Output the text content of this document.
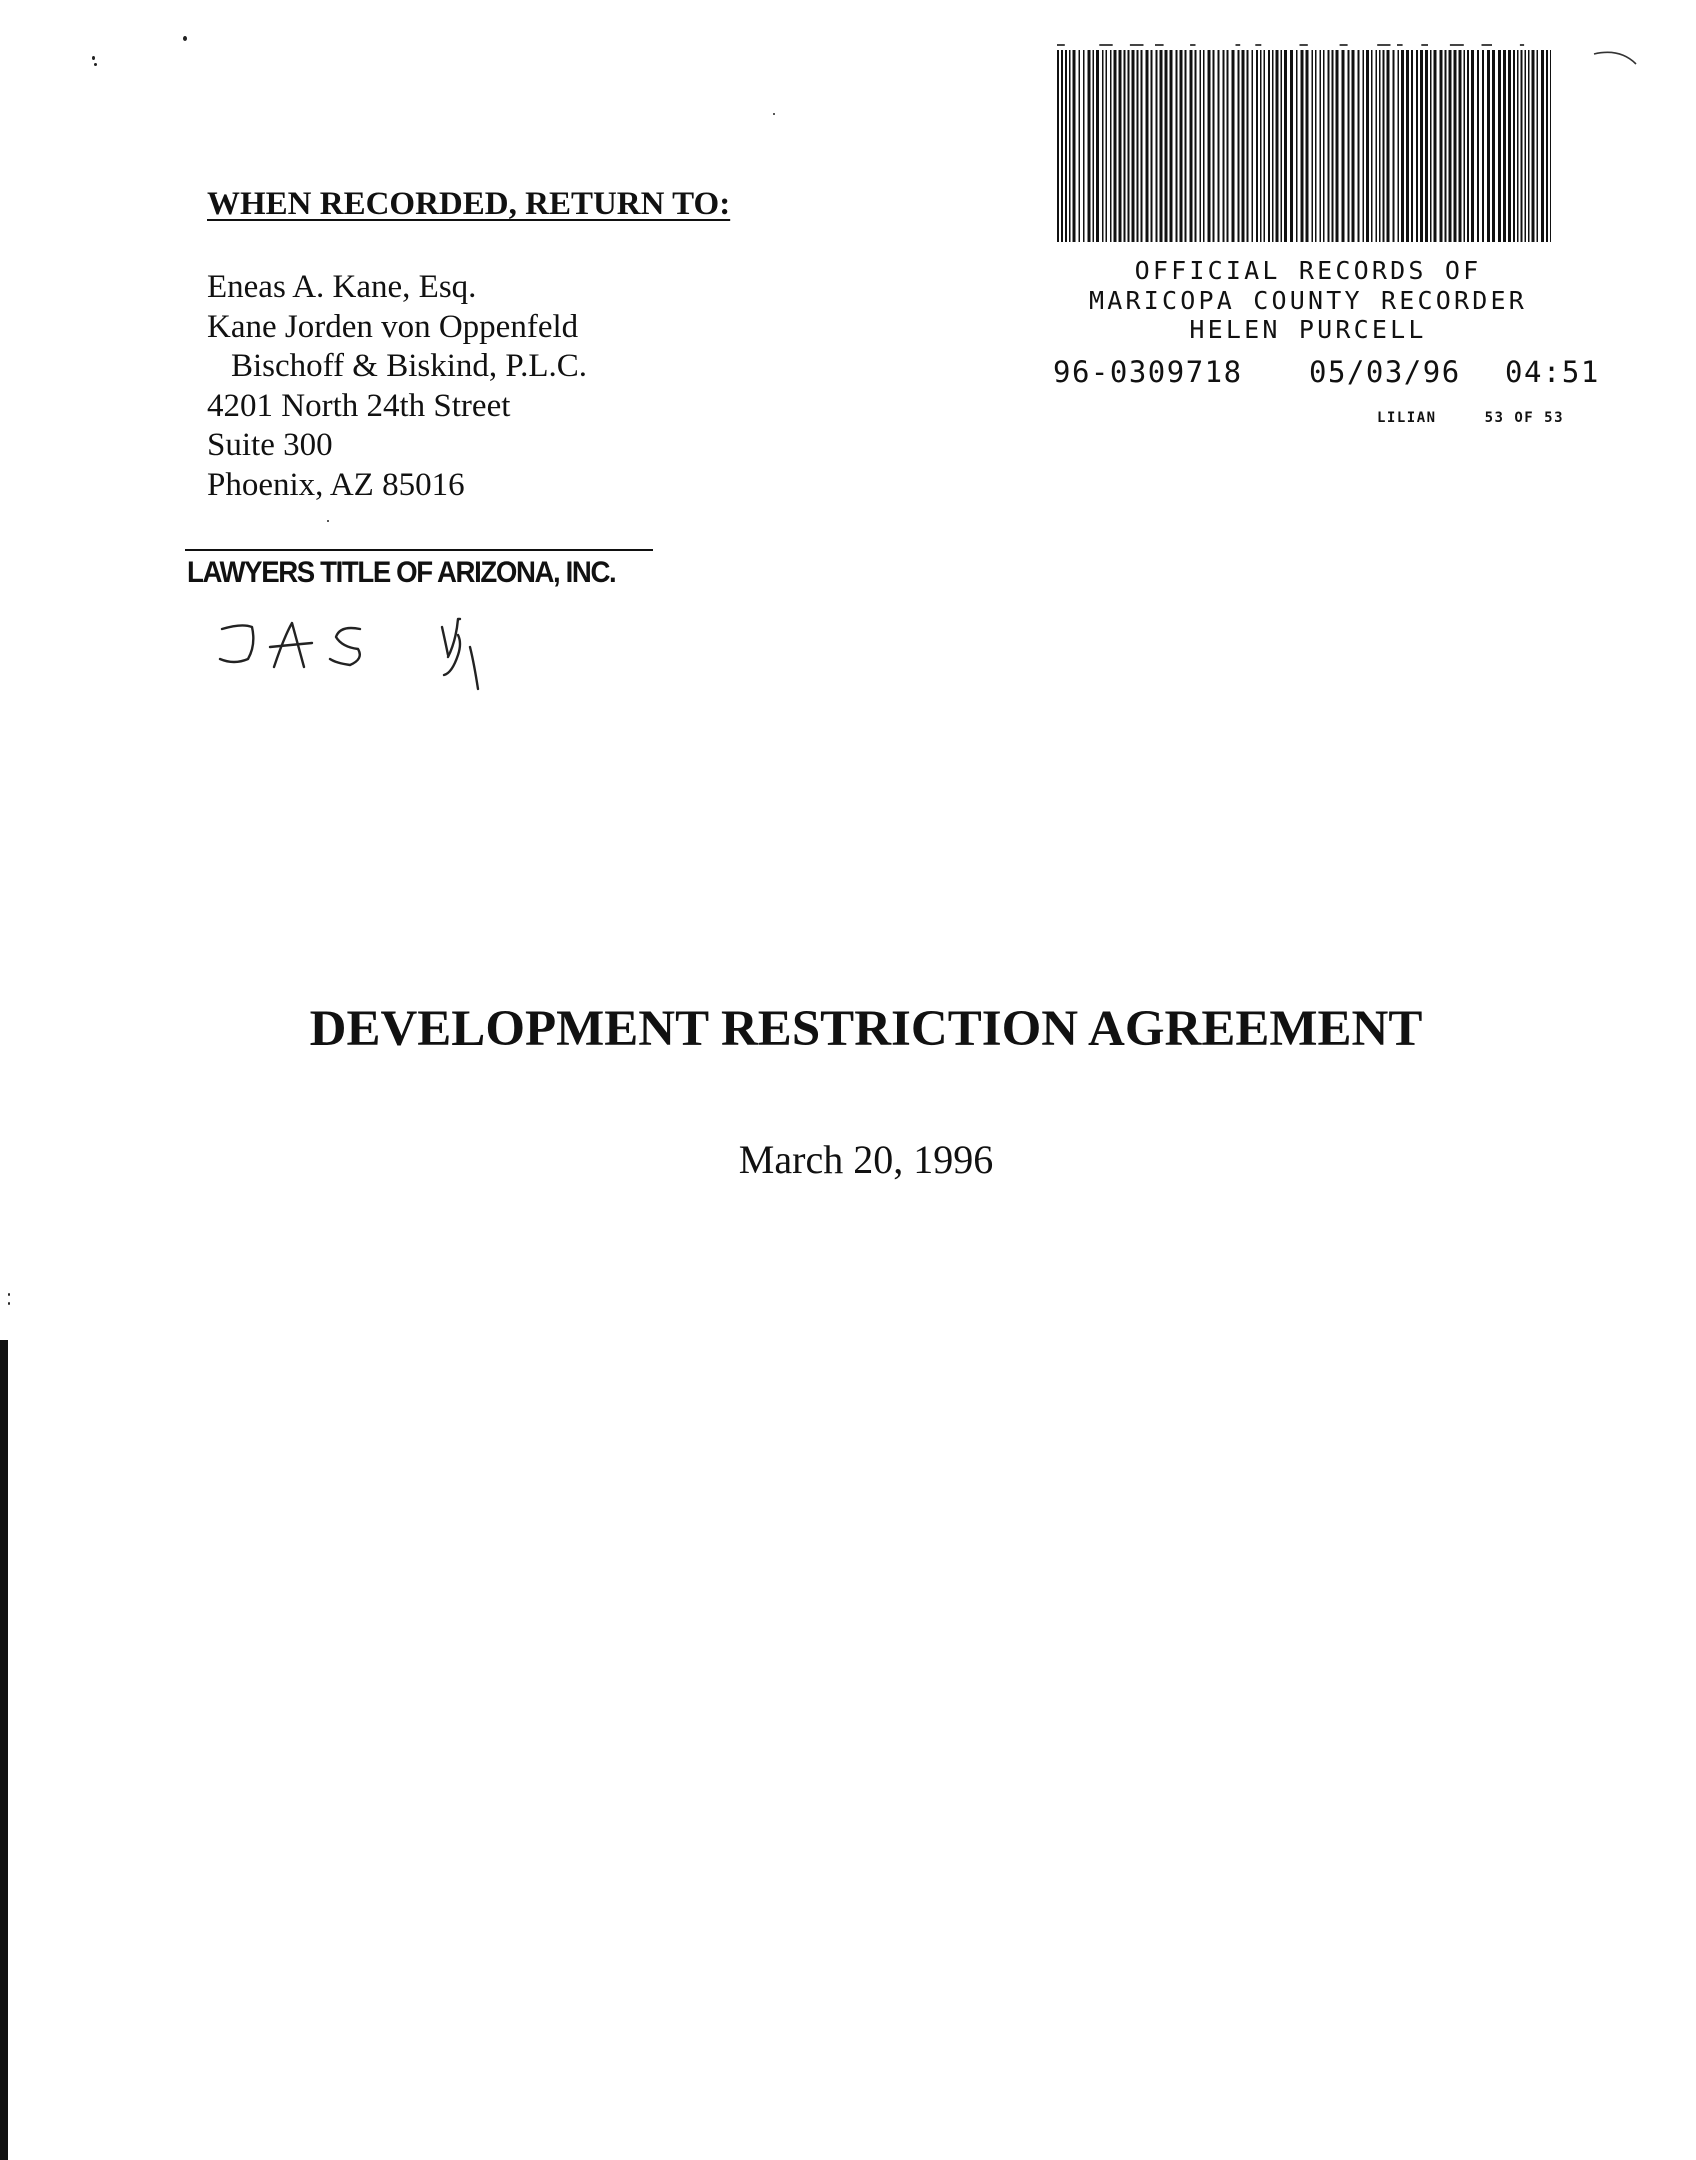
WHEN RECORDED, RETURN TO:
Eneas A. Kane, Esq.
Kane Jorden von Oppenfeld
Bischoff & Biskind, P.L.C.
4201 North 24th Street
Suite 300
Phoenix, AZ 85016
OFFICIAL RECORDS OF
MARICOPA COUNTY RECORDER
HELEN PURCELL
96-0309718 05/03/96 04:51
LILIAN	53 OF 53
LAWYERS TITLE OF ARIZONA, INC.
DEVELOPMENT RESTRICTION AGREEMENT
March 20, 1996
